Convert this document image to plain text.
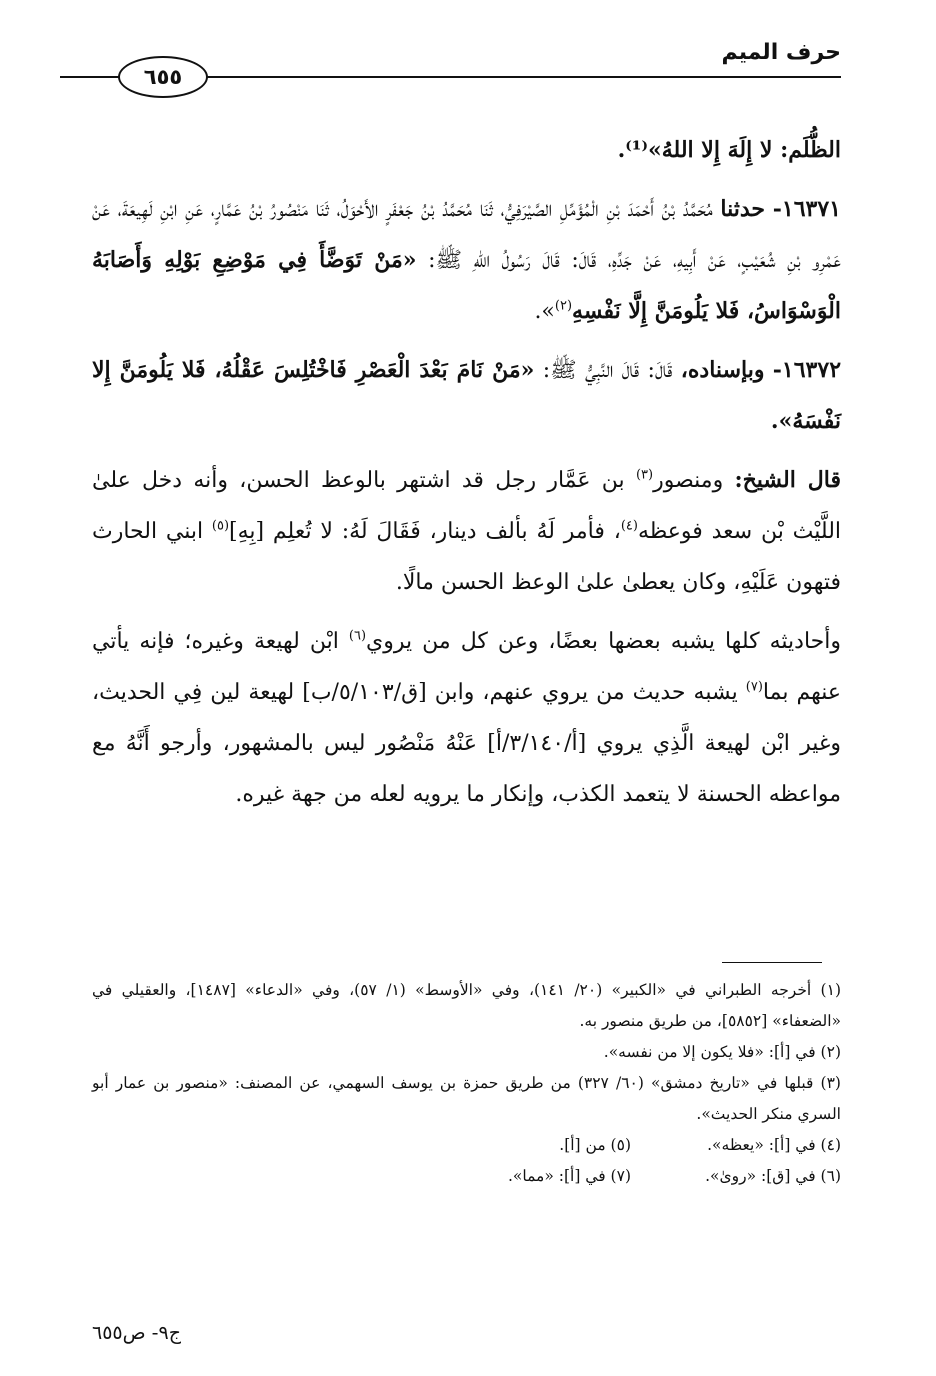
حرف الميم
٦٥٥

الظُّلَم: لا إِلَهَ إِلا اللهُ»⁽¹⁾.

١٦٣٧١- حدثنا مُحَمَّدُ بْنُ أَحْمَدَ بْنِ الْمُؤَمِّلِ الصَّيْرَفِيُّ، ثَنَا مُحَمَّدُ بْنُ جَعْفَرٍ الأَحْوَلُ، ثَنَا مَنْصُورُ بْنُ عَمَّارٍ، عَنِ ابْنِ لَهِيعَةَ، عَنْ عَمْرِو بْنِ شُعَيْبٍ، عَنْ أَبِيهِ، عَنْ جَدِّهِ، قَالَ: قَالَ رَسُولُ اللهِ ﷺ: «مَنْ تَوَضَّأَ فِي مَوْضِعِ بَوْلِهِ وَأَصَابَهُ الْوَسْوَاسُ، فَلا يَلُومَنَّ إِلَّا نَفْسِهِ$^{(٢)}$».

١٦٣٧٢- وبإسناده، قَالَ: قَالَ النَّبِيُّ ﷺ: «مَنْ نَامَ بَعْدَ الْعَصْرِ فَاخْتُلِسَ عَقْلُهُ، فَلا يَلُومَنَّ إِلا نَفْسَهُ».

قال الشيخ: ومنصور$^{(٣)}$ بن عَمَّار رجل قد اشتهر بالوعظ الحسن، وأنه دخل علىٰ اللَّيْث بْن سعد فوعظه$^{(٤)}$، فأمر لَهُ بألف دينار، فَقَالَ لَهُ: لا تُعلِم [بِهِ]$^{(٥)}$ ابني الحارث فتهون عَلَيْهِ، وكان يعطىٰ علىٰ الوعظ الحسن مالًا.

وأحاديثه كلها يشبه بعضها بعضًا، وعن كل من يروي$^{(٦)}$ ابْن لهيعة وغيره؛ فإنه يأتي عنهم بما$^{(٧)}$ يشبه حديث من يروي عنهم، وابن [ق/٥/١٠٣/ب] لهيعة لين فِي الحديث، وغير ابْن لهيعة الَّذِي يروي [أ/٣/١٤٠/أ] عَنْهُ مَنْصُور ليس بالمشهور، وأرجو أَنَّهُ مع مواعظه الحسنة لا يتعمد الكذب، وإنكار ما يرويه لعله من جهة غيره.

(١) أخرجه الطبراني في «الكبير» (٢٠/ ١٤١)، وفي «الأوسط» (١/ ٥٧)، وفي «الدعاء» [١٤٨٧]، والعقيلي في «الضعفاء» [٥٨٥٢]، من طريق منصور به.
(٢) في [أ]: «فلا يكون إلا من نفسه».
(٣) قبلها في «تاريخ دمشق» (٦٠/ ٣٢٧) من طريق حمزة بن يوسف السهمي، عن المصنف: «منصور بن عمار أبو السري منكر الحديث».
(٤) في [أ]: «يعظه».
(٥) من [أ].
(٦) في [ق]: «روىٰ».
(٧) في [أ]: «مما».
ج٩- ص٦٥٥
